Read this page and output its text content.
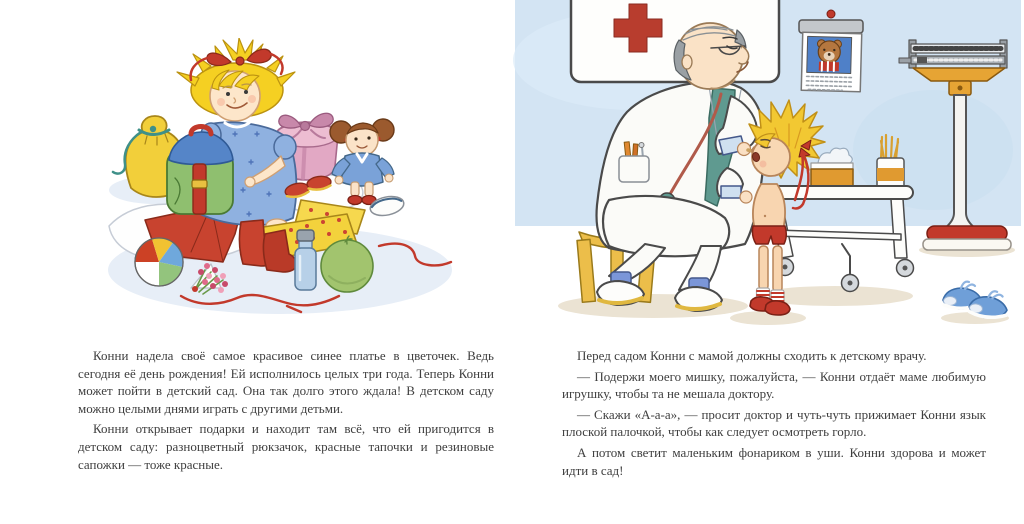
Конни надела своё самое красивое синее платье в цветочек. Ведь сегодня её день рождения! Ей исполнилось целых три года. Теперь Конни может пойти в детский сад. Она так долго этого ждала! В детском саду можно целыми днями играть с другими детьми.

Конни открывает подарки и находит там всё, что ей пригодится в детском саду: разноцветный рюкзачок, красные тапочки и резиновые сапожки — тоже красные.

Перед садом Конни с мамой должны сходить к детскому врачу.

— Подержи моего мишку, пожалуйста, — Конни отдаёт маме любимую игрушку, чтобы та не мешала доктору.

— Скажи «А-а-а», — просит доктор и чуть-чуть прижимает Конни язык плоской палочкой, чтобы как следует осмотреть горло.

А потом светит маленьким фонариком в уши. Конни здорова и может идти в сад!
